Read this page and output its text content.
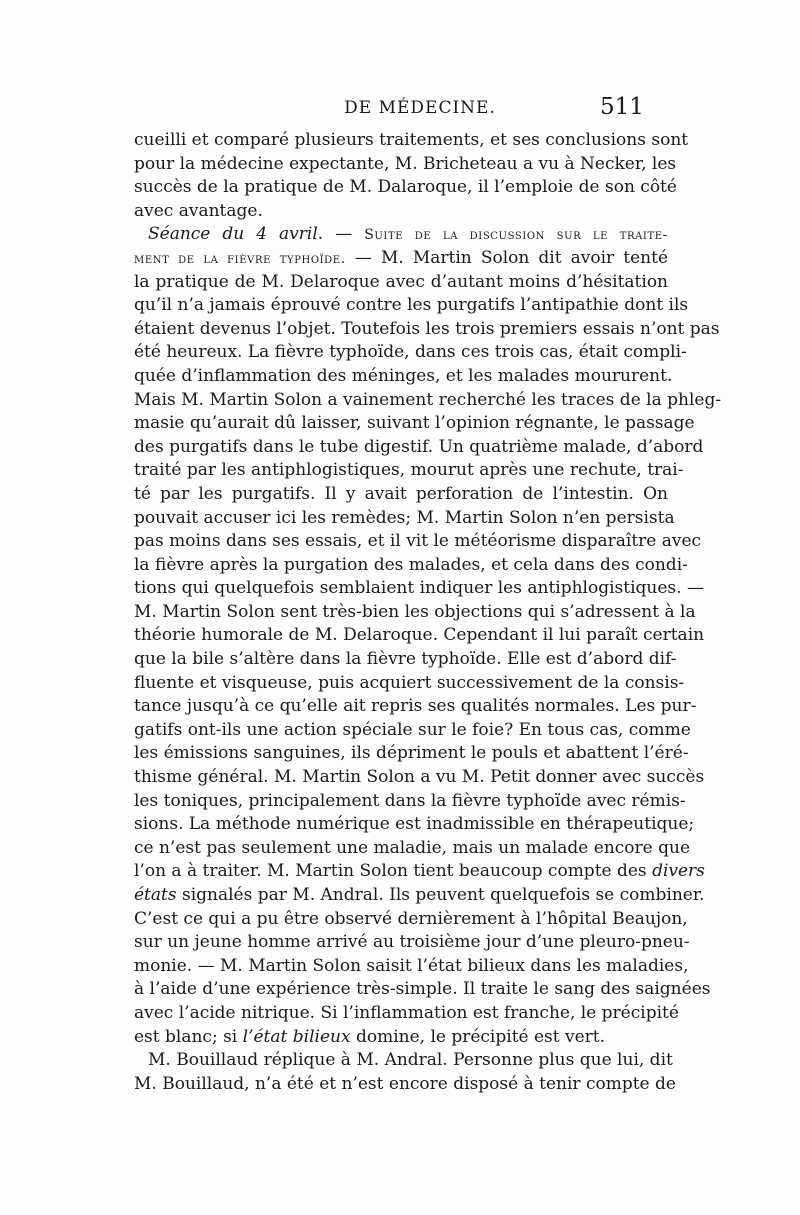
DE MÉDECINE.	511
cueilli et comparé plusieurs traitements, et ses conclusions sont
pour la médecine expectante, M. Bricheteau a vu à Necker, les
succès de la pratique de M. Dalaroque, il l’emploie de son côté
avec avantage.
Séance du 4 avril. — Suite de la discussion sur le traite-
ment de la fièvre typhoïde. — M. Martin Solon dit avoir tenté
la pratique de M. Delaroque avec d’autant moins d’hésitation
qu’il n’a jamais éprouvé contre les purgatifs l’antipathie dont ils
étaient devenus l’objet. Toutefois les trois premiers essais n’ont pas
été heureux. La fièvre typhoïde, dans ces trois cas, était compli-
quée d’inflammation des méninges, et les malades moururent.
Mais M. Martin Solon a vainement recherché les traces de la phleg-
masie qu’aurait dû laisser, suivant l’opinion régnante, le passage
des purgatifs dans le tube digestif. Un quatrième malade, d’abord
traité par les antiphlogistiques, mourut après une rechute, trai-
té par les purgatifs. Il y avait perforation de l’intestin. On
pouvait accuser ici les remèdes; M. Martin Solon n’en persista
pas moins dans ses essais, et il vit le météorisme disparaître avec
la fièvre après la purgation des malades, et cela dans des condi-
tions qui quelquefois semblaient indiquer les antiphlogistiques. —
M. Martin Solon sent très-bien les objections qui s’adressent à la
théorie humorale de M. Delaroque. Cependant il lui paraît certain
que la bile s’altère dans la fièvre typhoïde. Elle est d’abord dif-
fluente et visqueuse, puis acquiert successivement de la consis-
tance jusqu’à ce qu’elle ait repris ses qualités normales. Les pur-
gatifs ont-ils une action spéciale sur le foie? En tous cas, comme
les émissions sanguines, ils dépriment le pouls et abattent l’éré-
thisme général. M. Martin Solon a vu M. Petit donner avec succès
les toniques, principalement dans la fièvre typhoïde avec rémis-
sions. La méthode numérique est inadmissible en thérapeutique;
ce n’est pas seulement une maladie, mais un malade encore que
l’on a à traiter. M. Martin Solon tient beaucoup compte des divers
états signalés par M. Andral. Ils peuvent quelquefois se combiner.
C’est ce qui a pu être observé dernièrement à l’hôpital Beaujon,
sur un jeune homme arrivé au troisième jour d’une pleuro-pneu-
monie. — M. Martin Solon saisit l’état bilieux dans les maladies,
à l’aide d’une expérience très-simple. Il traite le sang des saignées
avec l’acide nitrique. Si l’inflammation est franche, le précipité
est blanc; si l’état bilieux domine, le précipité est vert.
M. Bouillaud réplique à M. Andral. Personne plus que lui, dit
M. Bouillaud, n’a été et n’est encore disposé à tenir compte de
